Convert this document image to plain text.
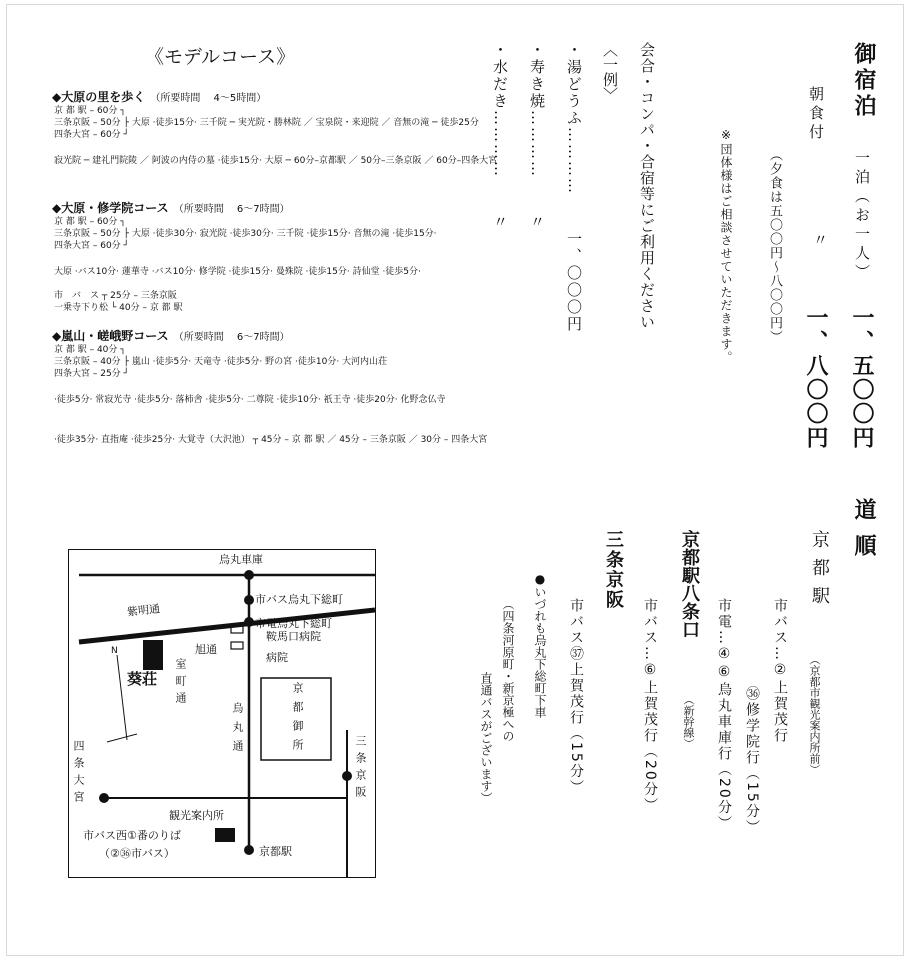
《モデルコース》
◆大原の里を歩く （所要時間　 4～5時間）
京 都 駅 – 60分 ┐
三条京阪 – 50分 ├ 大原 ·徒歩15分· 三千院 ─ 実光院・勝林院 ／ 宝泉院・来迎院 ／ 音無の滝 ─ 徒歩25分
四条大宮 – 60分 ┘
寂光院 ─ 建礼門院陵 ／ 阿波の内侍の墓 ·徒歩15分· 大原 ─ 60分–京都駅 ／ 50分–三条京阪 ／ 60分–四条大宮
◆大原・修学院コース （所要時間　 6～7時間）
京 都 駅 – 60分 ┐
三条京阪 – 50分 ├ 大原 ·徒歩30分· 寂光院 ·徒歩30分· 三千院 ·徒歩15分· 音無の滝 ·徒歩15分·
四条大宮 – 60分 ┘
大原 ·バス10分· 蓮華寺 ·バス10分· 修学院 ·徒歩15分· 曼殊院 ·徒歩15分· 詩仙堂 ·徒歩5分·
市　バ　ス ┬ 25分 – 三条京阪
一乗寺下り松 └ 40分 – 京 都 駅
◆嵐山・嵯峨野コース （所要時間　 6～7時間）
京 都 駅 – 40分 ┐
三条京阪 – 40分 ├ 嵐山 ·徒歩5分· 天竜寺 ·徒歩5分· 野の宮 ·徒歩10分· 大河内山荘
四条大宮 – 25分 ┘
·徒歩5分· 常寂光寺 ·徒歩5分· 落柿舎 ·徒歩5分· 二尊院 ·徒歩10分· 祇王寺 ·徒歩20分· 化野念仏寺
·徒歩35分· 直指庵 ·徒歩25分· 大覚寺（大沢池） ┬ 45分 – 京 都 駅 ／ 45分 – 三条京阪 ／ 30分 – 四条大宮
烏丸車庫
市バス烏丸下総町
市電烏丸下総町
紫明通
旭通
鞍馬口病院
病院
葵荘 室町通
烏丸通	京都御所
N
四条大宮	三条京阪
観光案内所
市バス西①番のりば
（②㊱市バス）	京都駅
・水だき…………〃
・寿き焼…………〃
・湯どうふ…………一、〇〇〇円
〈一例〉 会合・コンパ・合宿等にご利用ください	御宿泊
一泊（お一人）
一、五〇〇円
朝食付
〃
一、八〇〇円
（夕食は五〇〇円～八〇〇円）
※団体様はご相談させていただきます。
道順
京都駅
（京都市観光案内所前）
市バス…②上賀茂行
㊱修学院行（15分）
市電…④⑥烏丸車庫行（20分）
京都駅八条口
（新幹線）
市バス…⑥上賀茂行（20分）
三条京阪
市バス㊲上賀茂行（15分）
●いづれも烏丸下総町下車
（四条河原町・新京極への
直通バスがございます）
